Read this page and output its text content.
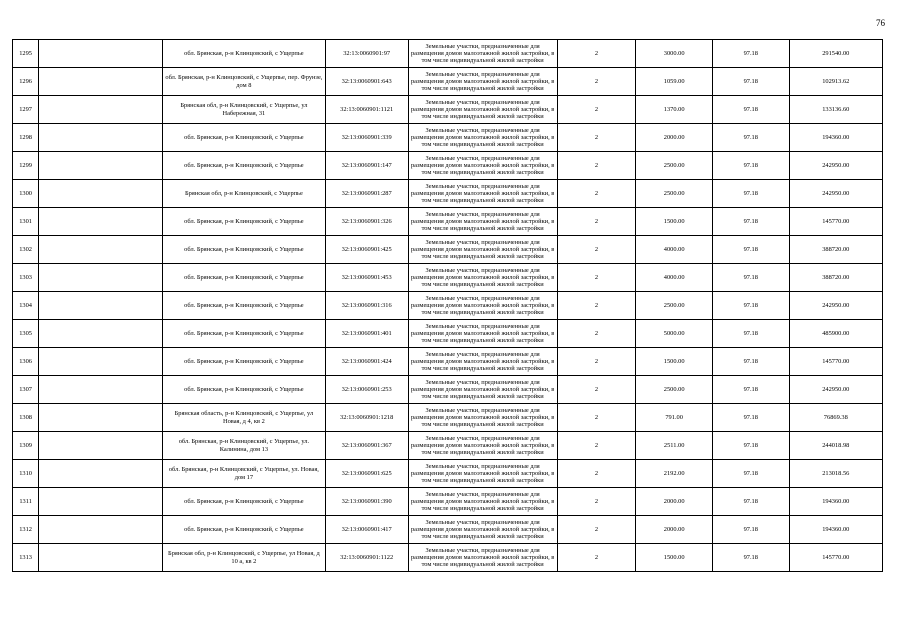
76
1295		обл. Брянская, р-н Клинцовский, с Ущерпье	32:13:0060901:97	Земельные участки, предназначенные для размещения домов малоэтажной жилой застройки, в том числе индивидуальной жилой застройки	2	3000.00	97.18	291540.00
1296		обл. Брянская, р-н Клинцовский, с Ущерпье, пер. Фрунзе, дом 8	32:13:0060901:643	Земельные участки, предназначенные для размещения домов малоэтажной жилой застройки, в том числе индивидуальной жилой застройки	2	1059.00	97.18	102913.62
1297		Брянская обл, р-н Клинцовский, с Ущерпье, ул Набережная, 31	32:13:0060901:1121	Земельные участки, предназначенные для размещения домов малоэтажной жилой застройки, в том числе индивидуальной жилой застройки	2	1370.00	97.18	133136.60
1298		обл. Брянская, р-н Клинцовский, с Ущерпье	32:13:0060901:339	Земельные участки, предназначенные для размещения домов малоэтажной жилой застройки, в том числе индивидуальной жилой застройки	2	2000.00	97.18	194360.00
1299		обл. Брянская, р-н Клинцовский, с Ущерпье	32:13:0060901:147	Земельные участки, предназначенные для размещения домов малоэтажной жилой застройки, в том числе индивидуальной жилой застройки	2	2500.00	97.18	242950.00
1300		Брянская обл, р-н Клинцовский, с Ущерпье	32:13:0060901:287	Земельные участки, предназначенные для размещения домов малоэтажной жилой застройки, в том числе индивидуальной жилой застройки	2	2500.00	97.18	242950.00
1301		обл. Брянская, р-н Клинцовский, с Ущерпье	32:13:0060901:326	Земельные участки, предназначенные для размещения домов малоэтажной жилой застройки, в том числе индивидуальной жилой застройки	2	1500.00	97.18	145770.00
1302		обл. Брянская, р-н Клинцовский, с Ущерпье	32:13:0060901:425	Земельные участки, предназначенные для размещения домов малоэтажной жилой застройки, в том числе индивидуальной жилой застройки	2	4000.00	97.18	388720.00
1303		обл. Брянская, р-н Клинцовский, с Ущерпье	32:13:0060901:453	Земельные участки, предназначенные для размещения домов малоэтажной жилой застройки, в том числе индивидуальной жилой застройки	2	4000.00	97.18	388720.00
1304		обл. Брянская, р-н Клинцовский, с Ущерпье	32:13:0060901:316	Земельные участки, предназначенные для размещения домов малоэтажной жилой застройки, в том числе индивидуальной жилой застройки	2	2500.00	97.18	242950.00
1305		обл. Брянская, р-н Клинцовский, с Ущерпье	32:13:0060901:401	Земельные участки, предназначенные для размещения домов малоэтажной жилой застройки, в том числе индивидуальной жилой застройки	2	5000.00	97.18	485900.00
1306		обл. Брянская, р-н Клинцовский, с Ущерпье	32:13:0060901:424	Земельные участки, предназначенные для размещения домов малоэтажной жилой застройки, в том числе индивидуальной жилой застройки	2	1500.00	97.18	145770.00
1307		обл. Брянская, р-н Клинцовский, с Ущерпье	32:13:0060901:253	Земельные участки, предназначенные для размещения домов малоэтажной жилой застройки, в том числе индивидуальной жилой застройки	2	2500.00	97.18	242950.00
1308		Брянская область, р-н Клинцовский, с Ущерпье, ул Новая, д 4, кв 2	32:13:0060901:1218	Земельные участки, предназначенные для размещения домов малоэтажной жилой застройки, в том числе индивидуальной жилой застройки	2	791.00	97.18	76869.38
1309		обл. Брянская, р-н Клинцовский, с Ущерпье, ул. Калинина, дом 13	32:13:0060901:367	Земельные участки, предназначенные для размещения домов малоэтажной жилой застройки, в том числе индивидуальной жилой застройки	2	2511.00	97.18	244018.98
1310		обл. Брянская, р-н Клинцовский, с Ущерпье, ул. Новая, дом 17	32:13:0060901:625	Земельные участки, предназначенные для размещения домов малоэтажной жилой застройки, в том числе индивидуальной жилой застройки	2	2192.00	97.18	213018.56
1311		обл. Брянская, р-н Клинцовский, с Ущерпье	32:13:0060901:390	Земельные участки, предназначенные для размещения домов малоэтажной жилой застройки, в том числе индивидуальной жилой застройки	2	2000.00	97.18	194360.00
1312		обл. Брянская, р-н Клинцовский, с Ущерпье	32:13:0060901:417	Земельные участки, предназначенные для размещения домов малоэтажной жилой застройки, в том числе индивидуальной жилой застройки	2	2000.00	97.18	194360.00
1313		Брянская обл, р-н Клинцовский, с Ущерпье, ул Новая, д 10 а, кв 2	32:13:0060901:1122	Земельные участки, предназначенные для размещения домов малоэтажной жилой застройки, в том числе индивидуальной жилой застройки	2	1500.00	97.18	145770.00
